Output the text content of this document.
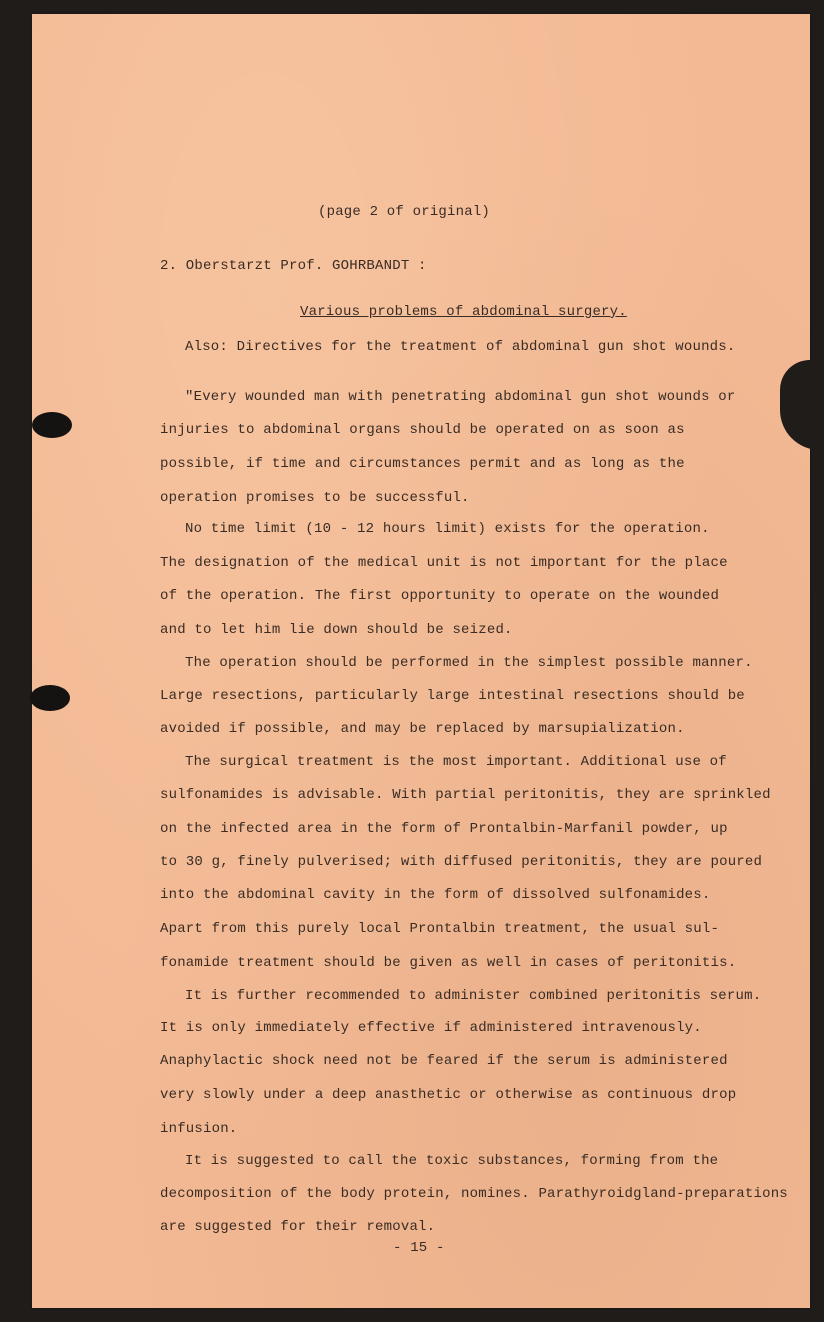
(page 2 of original)
2. Oberstarzt Prof. GOHRBANDT :
Various problems of abdominal surgery.
Also: Directives for the treatment of abdominal gun shot wounds.
"Every wounded man with penetrating abdominal gun shot wounds or
injuries to abdominal organs should be operated on as soon as
possible, if time and circumstances permit and as long as the
operation promises to be successful.
No time limit (10 - 12 hours limit) exists for the operation.
The designation of the medical unit is not important for the place
of the operation. The first opportunity to operate on the wounded
and to let him lie down should be seized.
The operation should be performed in the simplest possible manner.
Large resections, particularly large intestinal resections should be
avoided if possible, and may be replaced by marsupialization.
The surgical treatment is the most important. Additional use of
sulfonamides is advisable. With partial peritonitis, they are sprinkled
on the infected area in the form of Prontalbin-Marfanil powder, up
to 30 g, finely pulverised; with diffused peritonitis, they are poured
into the abdominal cavity in the form of dissolved sulfonamides.
Apart from this purely local Prontalbin treatment, the usual sul-
fonamide treatment should be given as well in cases of peritonitis.
It is further recommended to administer combined peritonitis serum.
It is only immediately effective if administered intravenously.
Anaphylactic shock need not be feared if the serum is administered
very slowly under a deep anasthetic or otherwise as continuous drop
infusion.
It is suggested to call the toxic substances, forming from the
decomposition of the body protein, nomines. Parathyroidgland-preparations
are suggested for their removal.
- 15 -
